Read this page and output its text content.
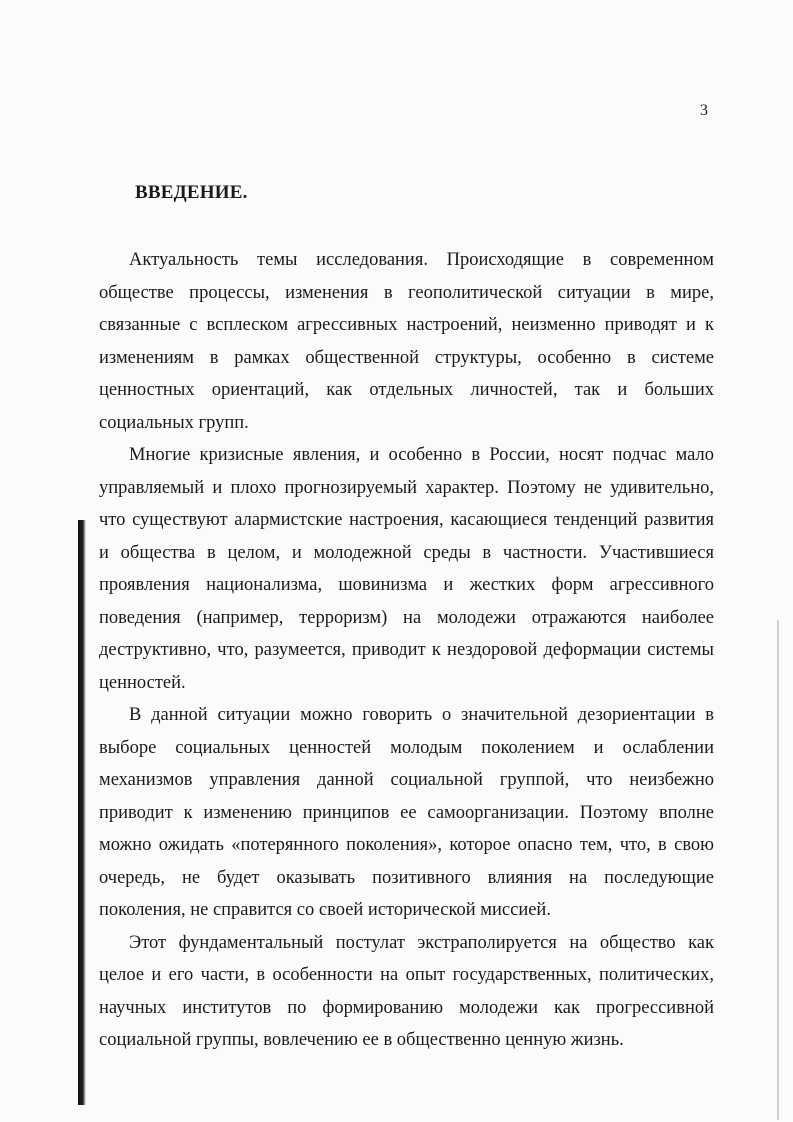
3
ВВЕДЕНИЕ.

Актуальность темы исследования. Происходящие в современном обществе процессы, изменения в геополитической ситуации в мире, связанные с всплеском агрессивных настроений, неизменно приводят и к изменениям в рамках общественной структуры, особенно в системе ценностных ориентаций, как отдельных личностей, так и больших социальных групп.

Многие кризисные явления, и особенно в России, носят подчас мало управляемый и плохо прогнозируемый характер. Поэтому не удивительно, что существуют алармистские настроения, касающиеся тенденций развития и общества в целом, и молодежной среды в частности. Участившиеся проявления национализма, шовинизма и жестких форм агрессивного поведения (например, терроризм) на молодежи отражаются наиболее деструктивно, что, разумеется, приводит к нездоровой деформации системы ценностей.

В данной ситуации можно говорить о значительной дезориентации в выборе социальных ценностей молодым поколением и ослаблении механизмов управления данной социальной группой, что неизбежно приводит к изменению принципов ее самоорганизации. Поэтому вполне можно ожидать «потерянного поколения», которое опасно тем, что, в свою очередь, не будет оказывать позитивного влияния на последующие поколения, не справится со своей исторической миссией.

Этот фундаментальный постулат экстраполируется на общество как целое и его части, в особенности на опыт государственных, политических, научных институтов по формированию молодежи как прогрессивной социальной группы, вовлечению ее в общественно ценную жизнь.
